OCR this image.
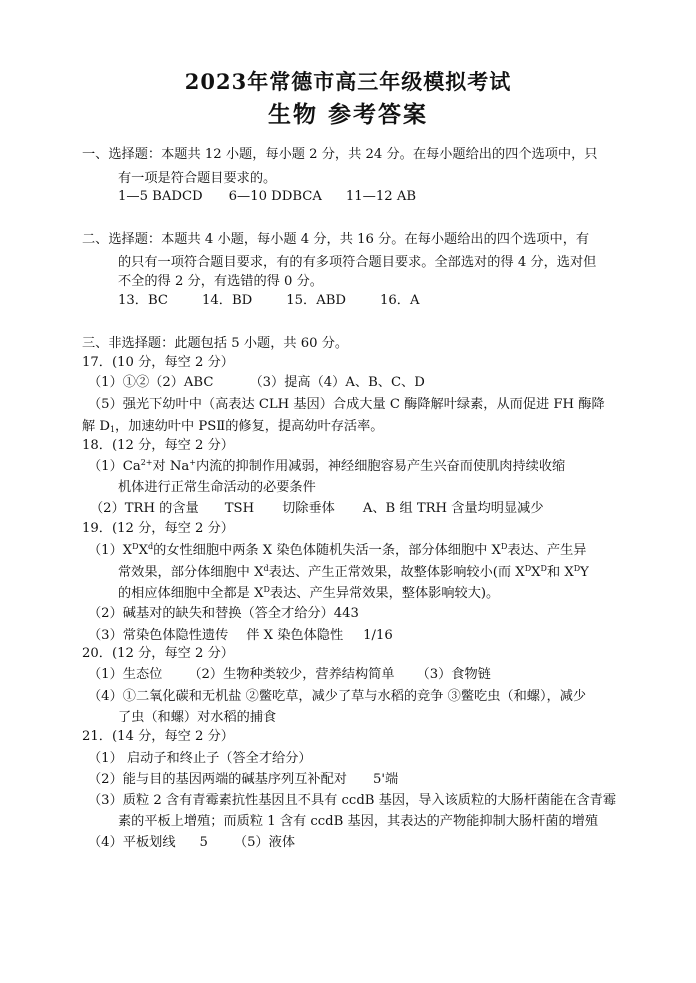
2023年常德市高三年级模拟考试
生物 参考答案
一、选择题：本题共 12 小题，每小题 2 分，共 24 分。在每小题给出的四个选项中，只
有一项是符合题目要求的。
1—5 BADCD 6—10 DDBCA 11—12 AB
二、选择题：本题共 4 小题，每小题 4 分，共 16 分。在每小题给出的四个选项中，有
的只有一项符合题目要求，有的有多项符合题目要求。全部选对的得 4 分，选对但
不全的得 2 分，有选错的得 0 分。
13．BC	14．BD	15．ABD	16．A
三、非选择题：此题包括 5 小题，共 60 分。
17．(10 分，每空 2 分）
（1）①②（2）ABC	（3）提高（4）A、B、C、D
（5）强光下幼叶中（高表达 CLH 基因）合成大量 C 酶降解叶绿素，从而促进 FH 酶降
解 $D_1$，加速幼叶中 PSⅡ的修复，提高幼叶存活率。
18．(12 分，每空 2 分）
$(1)Ca^{2+}$对 Na+内流的抑制作用减弱，神经细胞容易产生兴奋而使肌肉持续收缩
机体进行正常生命活动的必要条件
（2）TRH 的含量 TSH 切除垂体 A、B 组 TRH 含量均明显减少
19．(12 分，每空 2 分）
$(1)X^DX^d$的女性细胞中两条 X 染色体随机失活一条，部分体细胞中 $X^D$表达、产生异
常效果，部分体细胞中 $X^d$表达、产生正常效果，故整体影响较小(而 $X^DX^D$和 $X^DY$
的相应体细胞中全都是 $X^D$表达、产生异常效果，整体影响较大)。
（2）碱基对的缺失和替换（答全才给分）443
（3）常染色体隐性遗传 伴 X 染色体隐性 1/16
20．(12 分，每空 2 分）
（1）生态位 （2）生物种类较少，营养结构简单 （3）食物链
（4）①二氧化碳和无机盐 ②鳖吃草，减少了草与水稻的竞争 ③鳖吃虫（和螺），减少
了虫（和螺）对水稻的捕食
21．(14 分，每空 2 分）
（1） 启动子和终止子（答全才给分）
（2）能与目的基因两端的碱基序列互补配对 5'端
（3）质粒 2 含有青霉素抗性基因且不具有 ccdB 基因，导入该质粒的大肠杆菌能在含青霉
素的平板上增殖；而质粒 1 含有 ccdB 基因，其表达的产物能抑制大肠杆菌的增殖
（4）平板划线 5 （5）液体
